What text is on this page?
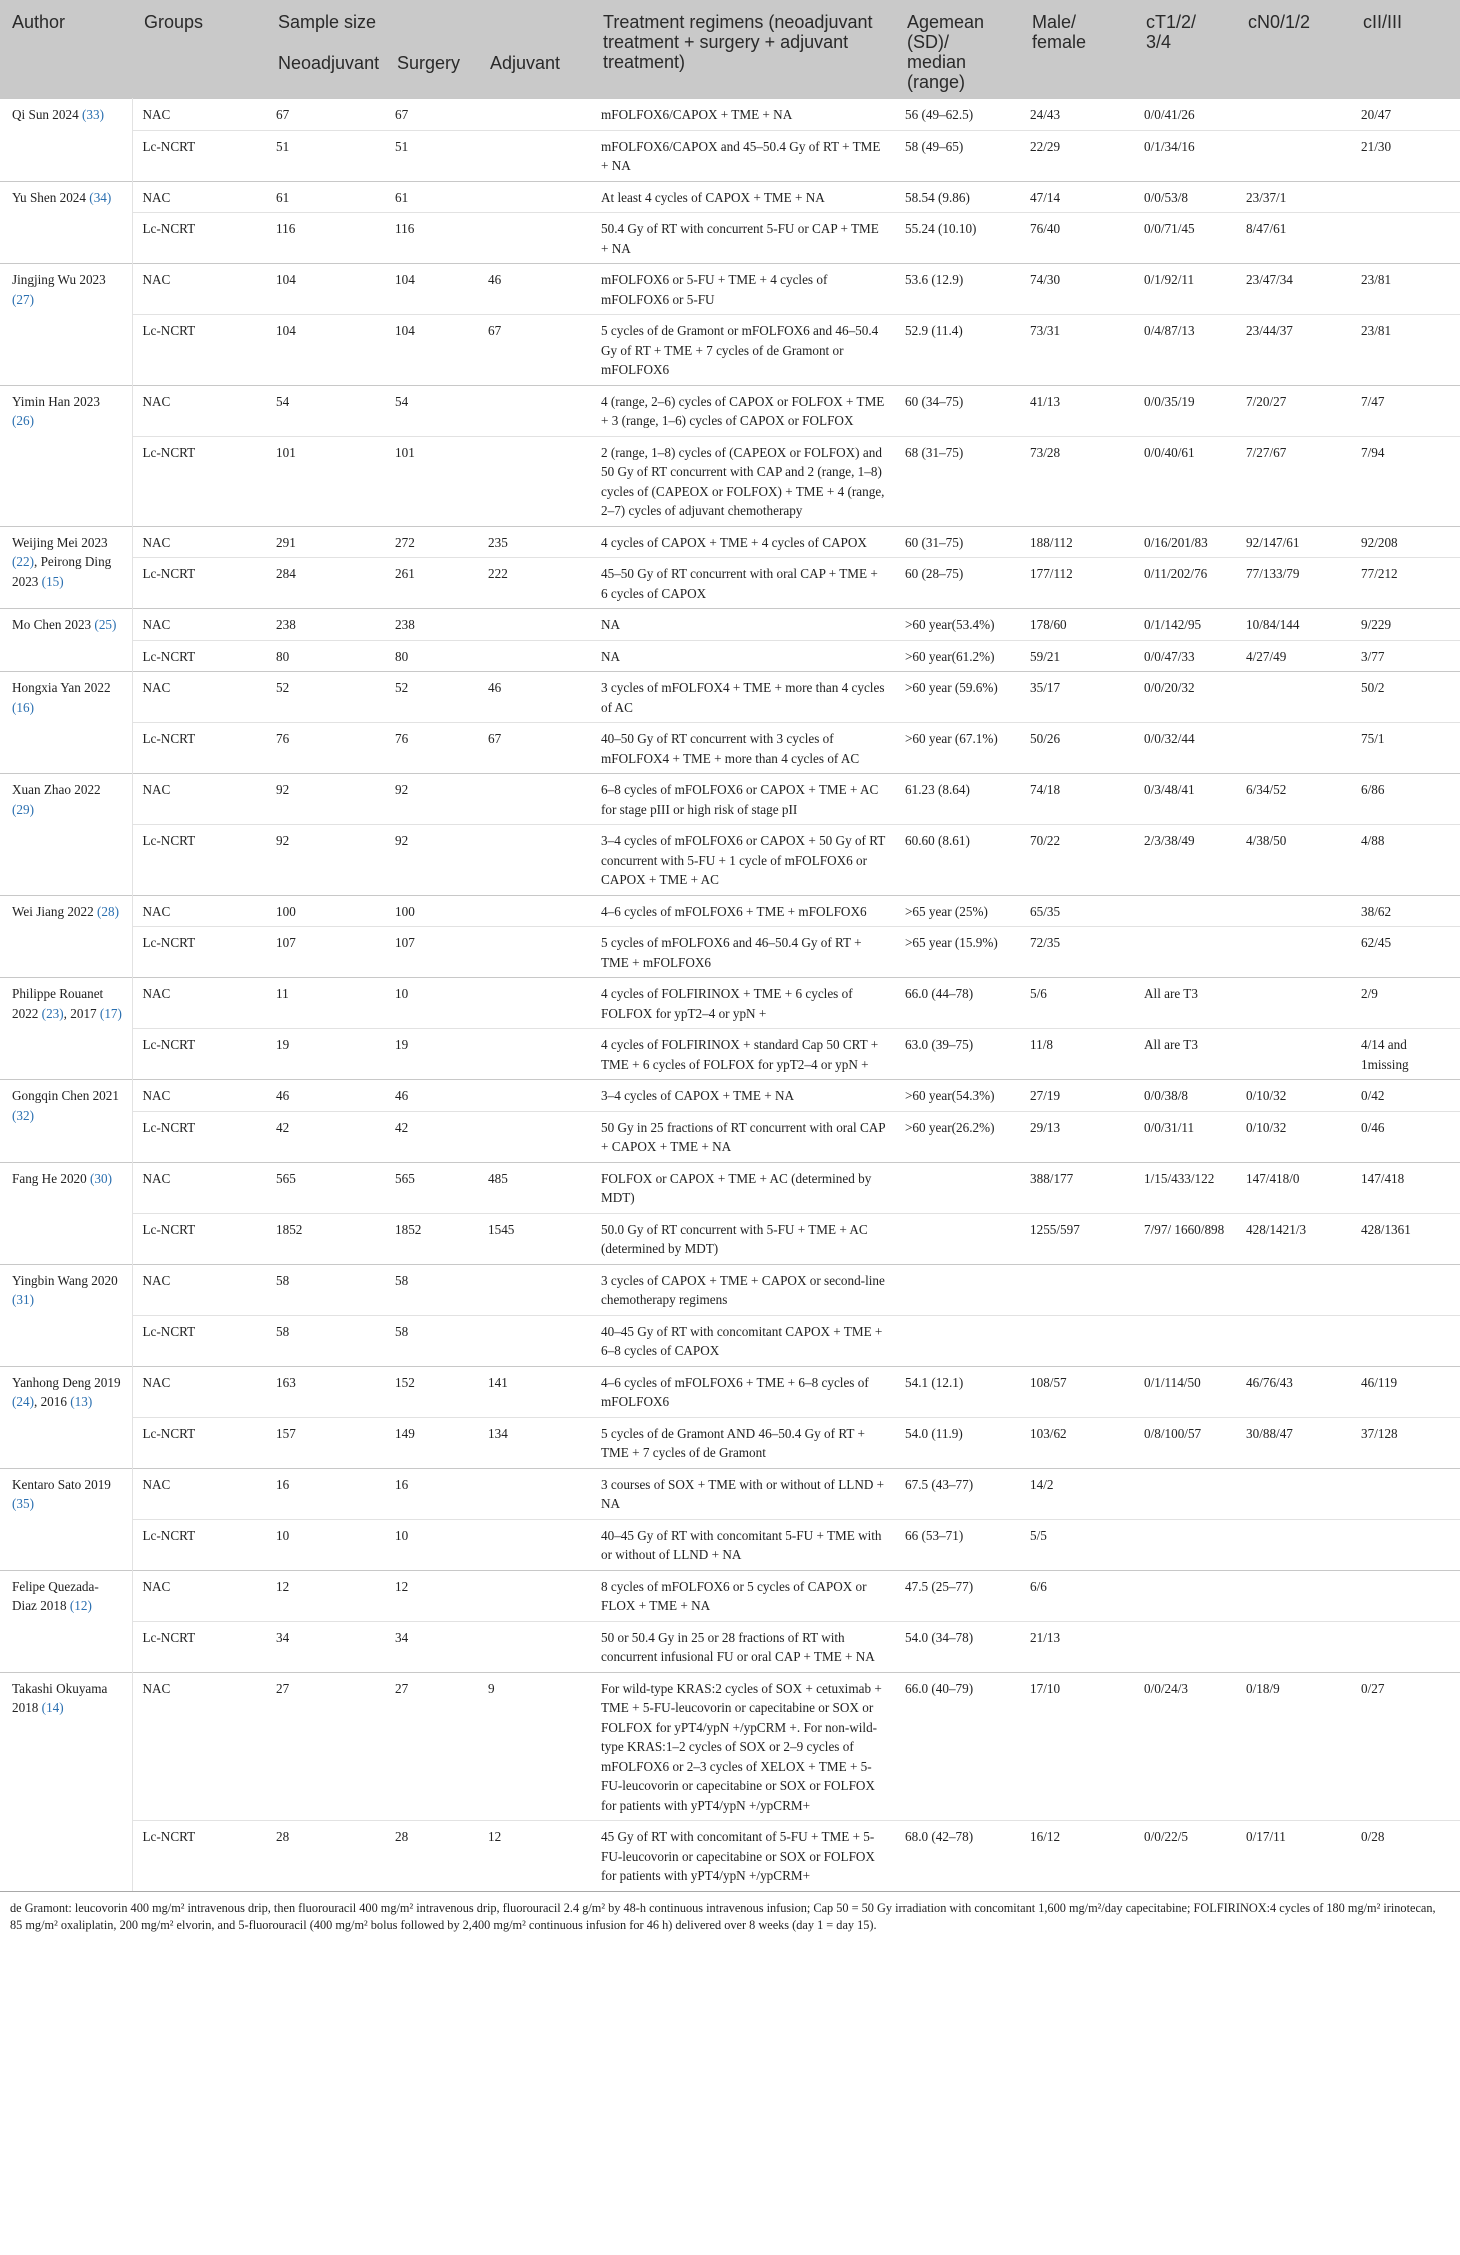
Author	Groups	Sample size			Treatment regimens (neoadjuvant treatment + surgery + adjuvant treatment)	Agemean (SD)/ median (range)	Male/ female	cT1/2/ 3/4	cN0/1/2	cII/III
		Neoadjuvant	Surgery	Adjuvant						
Qi Sun 2024 (33)	NAC	67	67		mFOLFOX6/CAPOX + TME + NA	56 (49–62.5)	24/43	0/0/41/26		20/47
	Lc-NCRT	51	51		mFOLFOX6/CAPOX and 45–50.4 Gy of RT + TME + NA	58 (49–65)	22/29	0/1/34/16		21/30
Yu Shen 2024 (34)	NAC	61	61		At least 4 cycles of CAPOX + TME + NA	58.54 (9.86)	47/14	0/0/53/8	23/37/1	
	Lc-NCRT	116	116		50.4 Gy of RT with concurrent 5-FU or CAP + TME + NA	55.24 (10.10)	76/40	0/0/71/45	8/47/61	
Jingjing Wu 2023 (27)	NAC	104	104	46	mFOLFOX6 or 5-FU + TME + 4 cycles of mFOLFOX6 or 5-FU	53.6 (12.9)	74/30	0/1/92/11	23/47/34	23/81
	Lc-NCRT	104	104	67	5 cycles of de Gramont or mFOLFOX6 and 46–50.4 Gy of RT + TME + 7 cycles of de Gramont or mFOLFOX6	52.9 (11.4)	73/31	0/4/87/13	23/44/37	23/81
Yimin Han 2023 (26)	NAC	54	54		4 (range, 2–6) cycles of CAPOX or FOLFOX + TME + 3 (range, 1–6) cycles of CAPOX or FOLFOX	60 (34–75)	41/13	0/0/35/19	7/20/27	7/47
	Lc-NCRT	101	101		2 (range, 1–8) cycles of (CAPEOX or FOLFOX) and 50 Gy of RT concurrent with CAP and 2 (range, 1–8) cycles of (CAPEOX or FOLFOX) + TME + 4 (range, 2–7) cycles of adjuvant chemotherapy	68 (31–75)	73/28	0/0/40/61	7/27/67	7/94
Weijing Mei 2023 (22), Peirong Ding 2023 (15)	NAC	291	272	235	4 cycles of CAPOX + TME + 4 cycles of CAPOX	60 (31–75)	188/112	0/16/201/83	92/147/61	92/208
	Lc-NCRT	284	261	222	45–50 Gy of RT concurrent with oral CAP + TME + 6 cycles of CAPOX	60 (28–75)	177/112	0/11/202/76	77/133/79	77/212
Mo Chen 2023 (25)	NAC	238	238		NA	>60 year(53.4%)	178/60	0/1/142/95	10/84/144	9/229
	Lc-NCRT	80	80		NA	>60 year(61.2%)	59/21	0/0/47/33	4/27/49	3/77
Hongxia Yan 2022 (16)	NAC	52	52	46	3 cycles of mFOLFOX4 + TME + more than 4 cycles of AC	>60 year (59.6%)	35/17	0/0/20/32		50/2
	Lc-NCRT	76	76	67	40–50 Gy of RT concurrent with 3 cycles of mFOLFOX4 + TME + more than 4 cycles of AC	>60 year (67.1%)	50/26	0/0/32/44		75/1
Xuan Zhao 2022 (29)	NAC	92	92		6–8 cycles of mFOLFOX6 or CAPOX + TME + AC for stage pIII or high risk of stage pII	61.23 (8.64)	74/18	0/3/48/41	6/34/52	6/86
	Lc-NCRT	92	92		3–4 cycles of mFOLFOX6 or CAPOX + 50 Gy of RT concurrent with 5-FU + 1 cycle of mFOLFOX6 or CAPOX + TME + AC	60.60 (8.61)	70/22	2/3/38/49	4/38/50	4/88
Wei Jiang 2022 (28)	NAC	100	100		4–6 cycles of mFOLFOX6 + TME + mFOLFOX6	>65 year (25%)	65/35			38/62
	Lc-NCRT	107	107		5 cycles of mFOLFOX6 and 46–50.4 Gy of RT + TME + mFOLFOX6	>65 year (15.9%)	72/35			62/45
Philippe Rouanet 2022 (23), 2017 (17)	NAC	11	10		4 cycles of FOLFIRINOX + TME + 6 cycles of FOLFOX for ypT2–4 or ypN +	66.0 (44–78)	5/6	All are T3		2/9
	Lc-NCRT	19	19		4 cycles of FOLFIRINOX + standard Cap 50 CRT + TME + 6 cycles of FOLFOX for ypT2–4 or ypN +	63.0 (39–75)	11/8	All are T3		4/14 and 1missing
Gongqin Chen 2021 (32)	NAC	46	46		3–4 cycles of CAPOX + TME + NA	>60 year(54.3%)	27/19	0/0/38/8	0/10/32	0/42
	Lc-NCRT	42	42		50 Gy in 25 fractions of RT concurrent with oral CAP + CAPOX + TME + NA	>60 year(26.2%)	29/13	0/0/31/11	0/10/32	0/46
Fang He 2020 (30)	NAC	565	565	485	FOLFOX or CAPOX + TME + AC (determined by MDT)		388/177	1/15/433/122	147/418/0	147/418
	Lc-NCRT	1852	1852	1545	50.0 Gy of RT concurrent with 5-FU + TME + AC (determined by MDT)		1255/597	7/97/ 1660/898	428/1421/3	428/1361
Yingbin Wang 2020 (31)	NAC	58	58		3 cycles of CAPOX + TME + CAPOX or second-line chemotherapy regimens					
	Lc-NCRT	58	58		40–45 Gy of RT with concomitant CAPOX + TME + 6–8 cycles of CAPOX					
Yanhong Deng 2019 (24), 2016 (13)	NAC	163	152	141	4–6 cycles of mFOLFOX6 + TME + 6–8 cycles of mFOLFOX6	54.1 (12.1)	108/57	0/1/114/50	46/76/43	46/119
	Lc-NCRT	157	149	134	5 cycles of de Gramont AND 46–50.4 Gy of RT + TME + 7 cycles of de Gramont	54.0 (11.9)	103/62	0/8/100/57	30/88/47	37/128
Kentaro Sato 2019 (35)	NAC	16	16		3 courses of SOX + TME with or without of LLND + NA	67.5 (43–77)	14/2			
	Lc-NCRT	10	10		40–45 Gy of RT with concomitant 5-FU + TME with or without of LLND + NA	66 (53–71)	5/5			
Felipe Quezada-Diaz 2018 (12)	NAC	12	12		8 cycles of mFOLFOX6 or 5 cycles of CAPOX or FLOX + TME + NA	47.5 (25–77)	6/6			
	Lc-NCRT	34	34		50 or 50.4 Gy in 25 or 28 fractions of RT with concurrent infusional FU or oral CAP + TME + NA	54.0 (34–78)	21/13			
Takashi Okuyama 2018 (14)	NAC	27	27	9	For wild-type KRAS:2 cycles of SOX + cetuximab + TME + 5-FU-leucovorin or capecitabine or SOX or FOLFOX for yPT4/ypN +/ypCRM +. For non-wild-type KRAS:1–2 cycles of SOX or 2–9 cycles of mFOLFOX6 or 2–3 cycles of XELOX + TME + 5-FU-leucovorin or capecitabine or SOX or FOLFOX for patients with yPT4/ypN +/ypCRM+	66.0 (40–79)	17/10	0/0/24/3	0/18/9	0/27
	Lc-NCRT	28	28	12	45 Gy of RT with concomitant of 5-FU + TME + 5-FU-leucovorin or capecitabine or SOX or FOLFOX for patients with yPT4/ypN +/ypCRM+	68.0 (42–78)	16/12	0/0/22/5	0/17/11	0/28
de Gramont: leucovorin 400 mg/m² intravenous drip, then fluorouracil 400 mg/m² intravenous drip, fluorouracil 2.4 g/m² by 48-h continuous intravenous infusion; Cap 50 = 50 Gy irradiation with concomitant 1,600 mg/m²/day capecitabine; FOLFIRINOX:4 cycles of 180 mg/m² irinotecan, 85 mg/m² oxaliplatin, 200 mg/m² elvorin, and 5-fluorouracil (400 mg/m² bolus followed by 2,400 mg/m² continuous infusion for 46 h) delivered over 8 weeks (day 1 = day 15).
